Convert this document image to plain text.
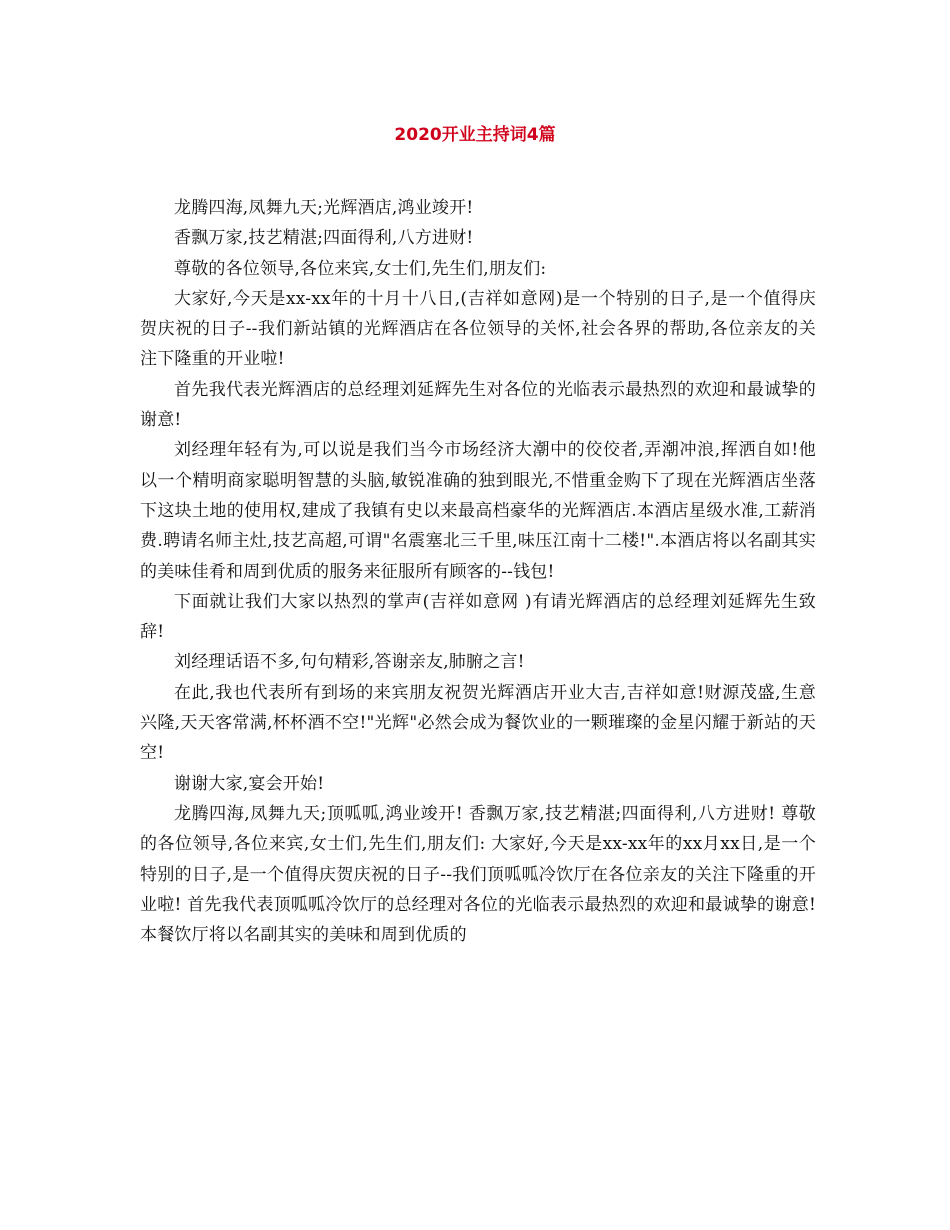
2020开业主持词4篇

龙腾四海,凤舞九天;光辉酒店,鸿业竣开!

香飘万家,技艺精湛;四面得利,八方进财!

尊敬的各位领导,各位来宾,女士们,先生们,朋友们:

大家好,今天是xx-xx年的十月十八日,(吉祥如意网)是一个特别的日子,是一个值得庆贺庆祝的日子--我们新站镇的光辉酒店在各位领导的关怀,社会各界的帮助,各位亲友的关注下隆重的开业啦!

首先我代表光辉酒店的总经理刘延辉先生对各位的光临表示最热烈的欢迎和最诚挚的谢意!

刘经理年轻有为,可以说是我们当今市场经济大潮中的佼佼者,弄潮冲浪,挥洒自如!他以一个精明商家聪明智慧的头脑,敏锐准确的独到眼光,不惜重金购下了现在光辉酒店坐落下这块土地的使用权,建成了我镇有史以来最高档豪华的光辉酒店.本酒店星级水准,工薪消费.聘请名师主灶,技艺高超,可谓"名震塞北三千里,味压江南十二楼!".本酒店将以名副其实的美味佳肴和周到优质的服务来征服所有顾客的--钱包!

下面就让我们大家以热烈的掌声(吉祥如意网 )有请光辉酒店的总经理刘延辉先生致辞!

刘经理话语不多,句句精彩,答谢亲友,肺腑之言!

在此,我也代表所有到场的来宾朋友祝贺光辉酒店开业大吉,吉祥如意!财源茂盛,生意兴隆,天天客常满,杯杯酒不空!"光辉"必然会成为餐饮业的一颗璀璨的金星闪耀于新站的天空!

谢谢大家,宴会开始!

龙腾四海,凤舞九天;顶呱呱,鸿业竣开! 香飘万家,技艺精湛;四面得利,八方进财! 尊敬的各位领导,各位来宾,女士们,先生们,朋友们: 大家好,今天是xx-xx年的xx月xx日,是一个特别的日子,是一个值得庆贺庆祝的日子--我们顶呱呱冷饮厅在各位亲友的关注下隆重的开业啦! 首先我代表顶呱呱冷饮厅的总经理对各位的光临表示最热烈的欢迎和最诚挚的谢意! 本餐饮厅将以名副其实的美味和周到优质的
